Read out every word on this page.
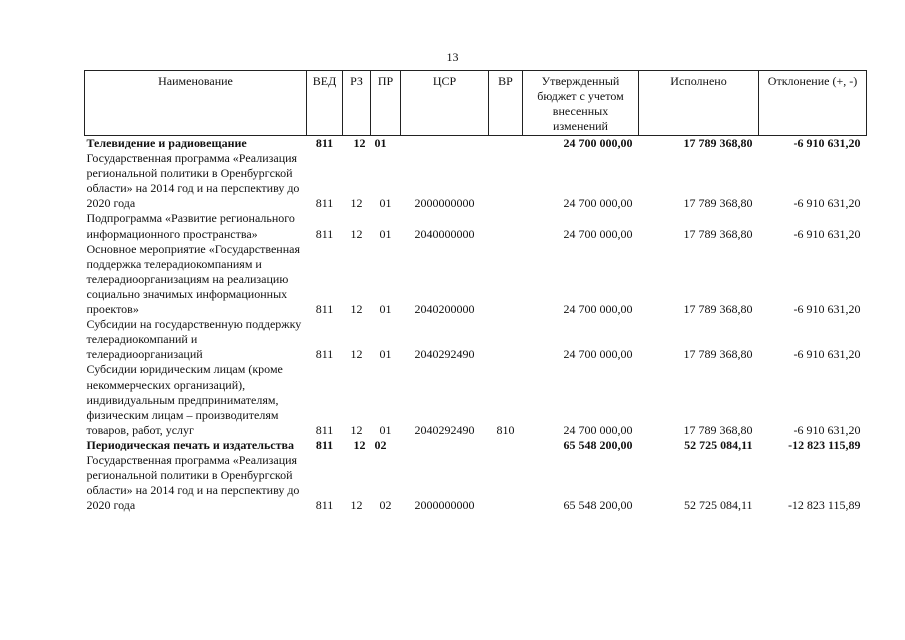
13
Наименование	ВЕД	РЗ	ПР	ЦСР	ВР	Утвержденный бюджет с учетом внесенных изменений	Исполнено	Отклонение (+, -)
Телевидение и радиовещание	811	12	01			24 700 000,00	17 789 368,80	-6 910 631,20
Государственная программа «Реализация региональной политики в Оренбургской области» на 2014 год и на перспективу до 2020 года	811	12	01	2000000000		24 700 000,00	17 789 368,80	-6 910 631,20
Подпрограмма «Развитие регионального информационного пространства»	811	12	01	2040000000		24 700 000,00	17 789 368,80	-6 910 631,20
Основное мероприятие «Государственная поддержка телерадиокомпаниям и телерадиоорганизациям на реализацию социально значимых информационных проектов»	811	12	01	2040200000		24 700 000,00	17 789 368,80	-6 910 631,20
Субсидии на государственную поддержку телерадиокомпаний и телерадиоорганизаций	811	12	01	2040292490		24 700 000,00	17 789 368,80	-6 910 631,20
Субсидии юридическим лицам (кроме некоммерческих организаций), индивидуальным предпринимателям, физическим лицам – производителям товаров, работ, услуг	811	12	01	2040292490	810	24 700 000,00	17 789 368,80	-6 910 631,20
Периодическая печать и издательства	811	12	02			65 548 200,00	52 725 084,11	-12 823 115,89
Государственная программа «Реализация региональной политики в Оренбургской области» на 2014 год и на перспективу до 2020 года	811	12	02	2000000000		65 548 200,00	52 725 084,11	-12 823 115,89
